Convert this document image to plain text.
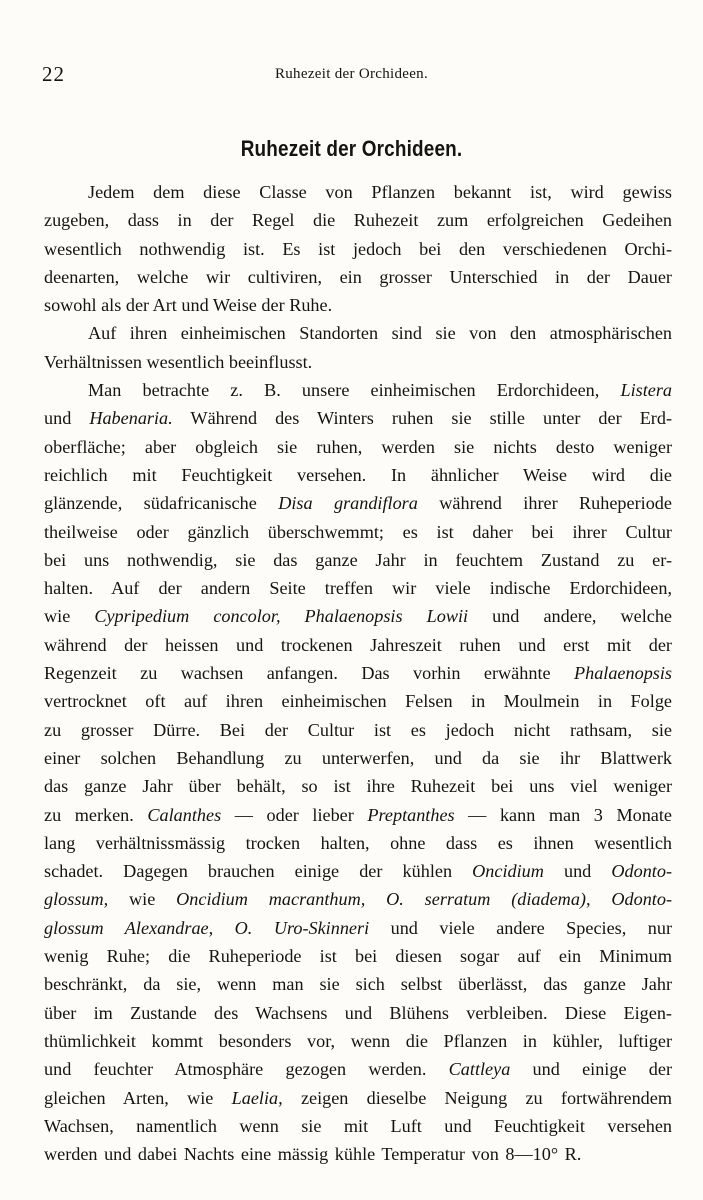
22	Ruhezeit der Orchideen.
Ruhezeit der Orchideen.
Jedem dem diese Classe von Pflanzen bekannt ist, wird gewiss
zugeben, dass in der Regel die Ruhezeit zum erfolgreichen Gedeihen
wesentlich nothwendig ist. Es ist jedoch bei den verschiedenen Orchi-
deenarten, welche wir cultiviren, ein grosser Unterschied in der Dauer
sowohl als der Art und Weise der Ruhe.
Auf ihren einheimischen Standorten sind sie von den atmosphärischen
Verhältnissen wesentlich beeinflusst.
Man betrachte z. B. unsere einheimischen Erdorchideen, Listera
und Habenaria. Während des Winters ruhen sie stille unter der Erd-
oberfläche; aber obgleich sie ruhen, werden sie nichts desto weniger
reichlich mit Feuchtigkeit versehen. In ähnlicher Weise wird die
glänzende, südafricanische Disa grandiflora während ihrer Ruheperiode
theilweise oder gänzlich überschwemmt; es ist daher bei ihrer Cultur
bei uns nothwendig, sie das ganze Jahr in feuchtem Zustand zu er-
halten. Auf der andern Seite treffen wir viele indische Erdorchideen,
wie Cypripedium concolor, Phalaenopsis Lowii und andere, welche
während der heissen und trockenen Jahreszeit ruhen und erst mit der
Regenzeit zu wachsen anfangen. Das vorhin erwähnte Phalaenopsis
vertrocknet oft auf ihren einheimischen Felsen in Moulmein in Folge
zu grosser Dürre. Bei der Cultur ist es jedoch nicht rathsam, sie
einer solchen Behandlung zu unterwerfen, und da sie ihr Blattwerk
das ganze Jahr über behält, so ist ihre Ruhezeit bei uns viel weniger
zu merken. Calanthes — oder lieber Preptanthes — kann man 3 Monate
lang verhältnissmässig trocken halten, ohne dass es ihnen wesentlich
schadet. Dagegen brauchen einige der kühlen Oncidium und Odonto-
glossum, wie Oncidium macranthum, O. serratum (diadema), Odonto-
glossum Alexandrae, O. Uro-Skinneri und viele andere Species, nur
wenig Ruhe; die Ruheperiode ist bei diesen sogar auf ein Minimum
beschränkt, da sie, wenn man sie sich selbst überlässt, das ganze Jahr
über im Zustande des Wachsens und Blühens verbleiben. Diese Eigen-
thümlichkeit kommt besonders vor, wenn die Pflanzen in kühler, luftiger
und feuchter Atmosphäre gezogen werden. Cattleya und einige der
gleichen Arten, wie Laelia, zeigen dieselbe Neigung zu fortwährendem
Wachsen, namentlich wenn sie mit Luft und Feuchtigkeit versehen
werden und dabei Nachts eine mässig kühle Temperatur von 8—10° R.
